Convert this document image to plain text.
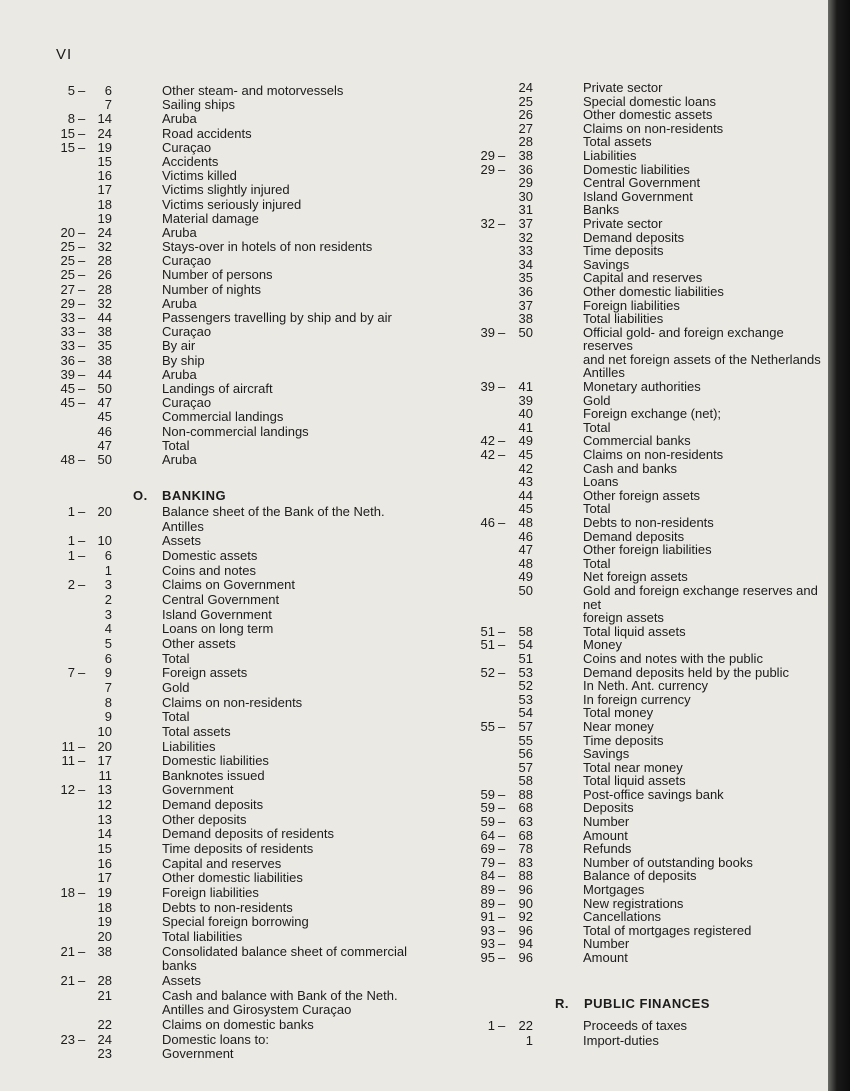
VI
5 –	6	Other steam- and motorvessels
7	Sailing ships
8 – 14	Aruba
15 – 24	Road accidents
15 – 19	Curaçao
15	Accidents
16	Victims killed
17	Victims slightly injured
18	Victims seriously injured
19	Material damage
20 – 24	Aruba
25 – 32	Stays-over in hotels of non residents
25 – 28	Curaçao
25 – 26	Number of persons
27 – 28	Number of nights
29 – 32	Aruba
33 – 44	Passengers travelling by ship and by air
33 – 38	Curaçao
33 – 35	By air
36 – 38	By ship
39 – 44	Aruba
45 – 50	Landings of aircraft
45 – 47	Curaçao
45	Commercial landings
46	Non-commercial landings
47	Total
48 – 50	Aruba
O. BANKING
1 – 20	Balance sheet of the Bank of the Neth.
Antilles
1 – 10	Assets
1 –	6	Domestic assets
1	Coins and notes
2 –	3	Claims on Government
2	Central Government
3	Island Government
4	Loans on long term
5	Other assets
6	Total
7 –	9	Foreign assets
7	Gold
8	Claims on non-residents
9	Total
10	Total assets
11 – 20	Liabilities
11 – 17	Domestic liabilities
11	Banknotes issued
12 – 13	Government
12	Demand deposits
13	Other deposits
14	Demand deposits of residents
15	Time deposits of residents
16	Capital and reserves
17	Other domestic liabilities
18 – 19	Foreign liabilities
18	Debts to non-residents
19	Special foreign borrowing
20	Total liabilities
21 – 38	Consolidated balance sheet of commercial
banks
21 – 28	Assets
21	Cash and balance with Bank of the Neth.
Antilles and Girosystem Curaçao
22	Claims on domestic banks
23 – 24	Domestic loans to:
23	Government
24	Private sector
25	Special domestic loans
26	Other domestic assets
27	Claims on non-residents
28	Total assets
29 –	38	Liabilities
29 –	36	Domestic liabilities
29	Central Government
30	Island Government
31	Banks
32 –	37	Private sector
32	Demand deposits
33	Time deposits
34	Savings
35	Capital and reserves
36	Other domestic liabilities
37	Foreign liabilities
38	Total liabilities
39 –	50	Official gold- and foreign exchange reserves
and net foreign assets of the Netherlands
Antilles
39 –	41	Monetary authorities
39	Gold
40	Foreign exchange (net);
41	Total
42 –	49	Commercial banks
42 –	45	Claims on non-residents
42	Cash and banks
43	Loans
44	Other foreign assets
45	Total
46 –	48	Debts to non-residents
46	Demand deposits
47	Other foreign liabilities
48	Total
49	Net foreign assets
50	Gold and foreign exchange reserves and net
foreign assets
51 –	58	Total liquid assets
51 –	54	Money
51	Coins and notes with the public
52 –	53	Demand deposits held by the public
52	In Neth. Ant. currency
53	In foreign currency
54	Total money
55 –	57	Near money
55	Time deposits
56	Savings
57	Total near money
58	Total liquid assets
59 –	88	Post-office savings bank
59 –	68	Deposits
59 –	63	Number
64 –	68	Amount
69 –	78	Refunds
79 –	83	Number of outstanding books
84 –	88	Balance of deposits
89 –	96	Mortgages
89 –	90	New registrations
91 –	92	Cancellations
93 –	96	Total of mortgages registered
93 –	94	Number
95 –	96	Amount
R. PUBLIC FINANCES
1 –	22	Proceeds of taxes
1	Import-duties
